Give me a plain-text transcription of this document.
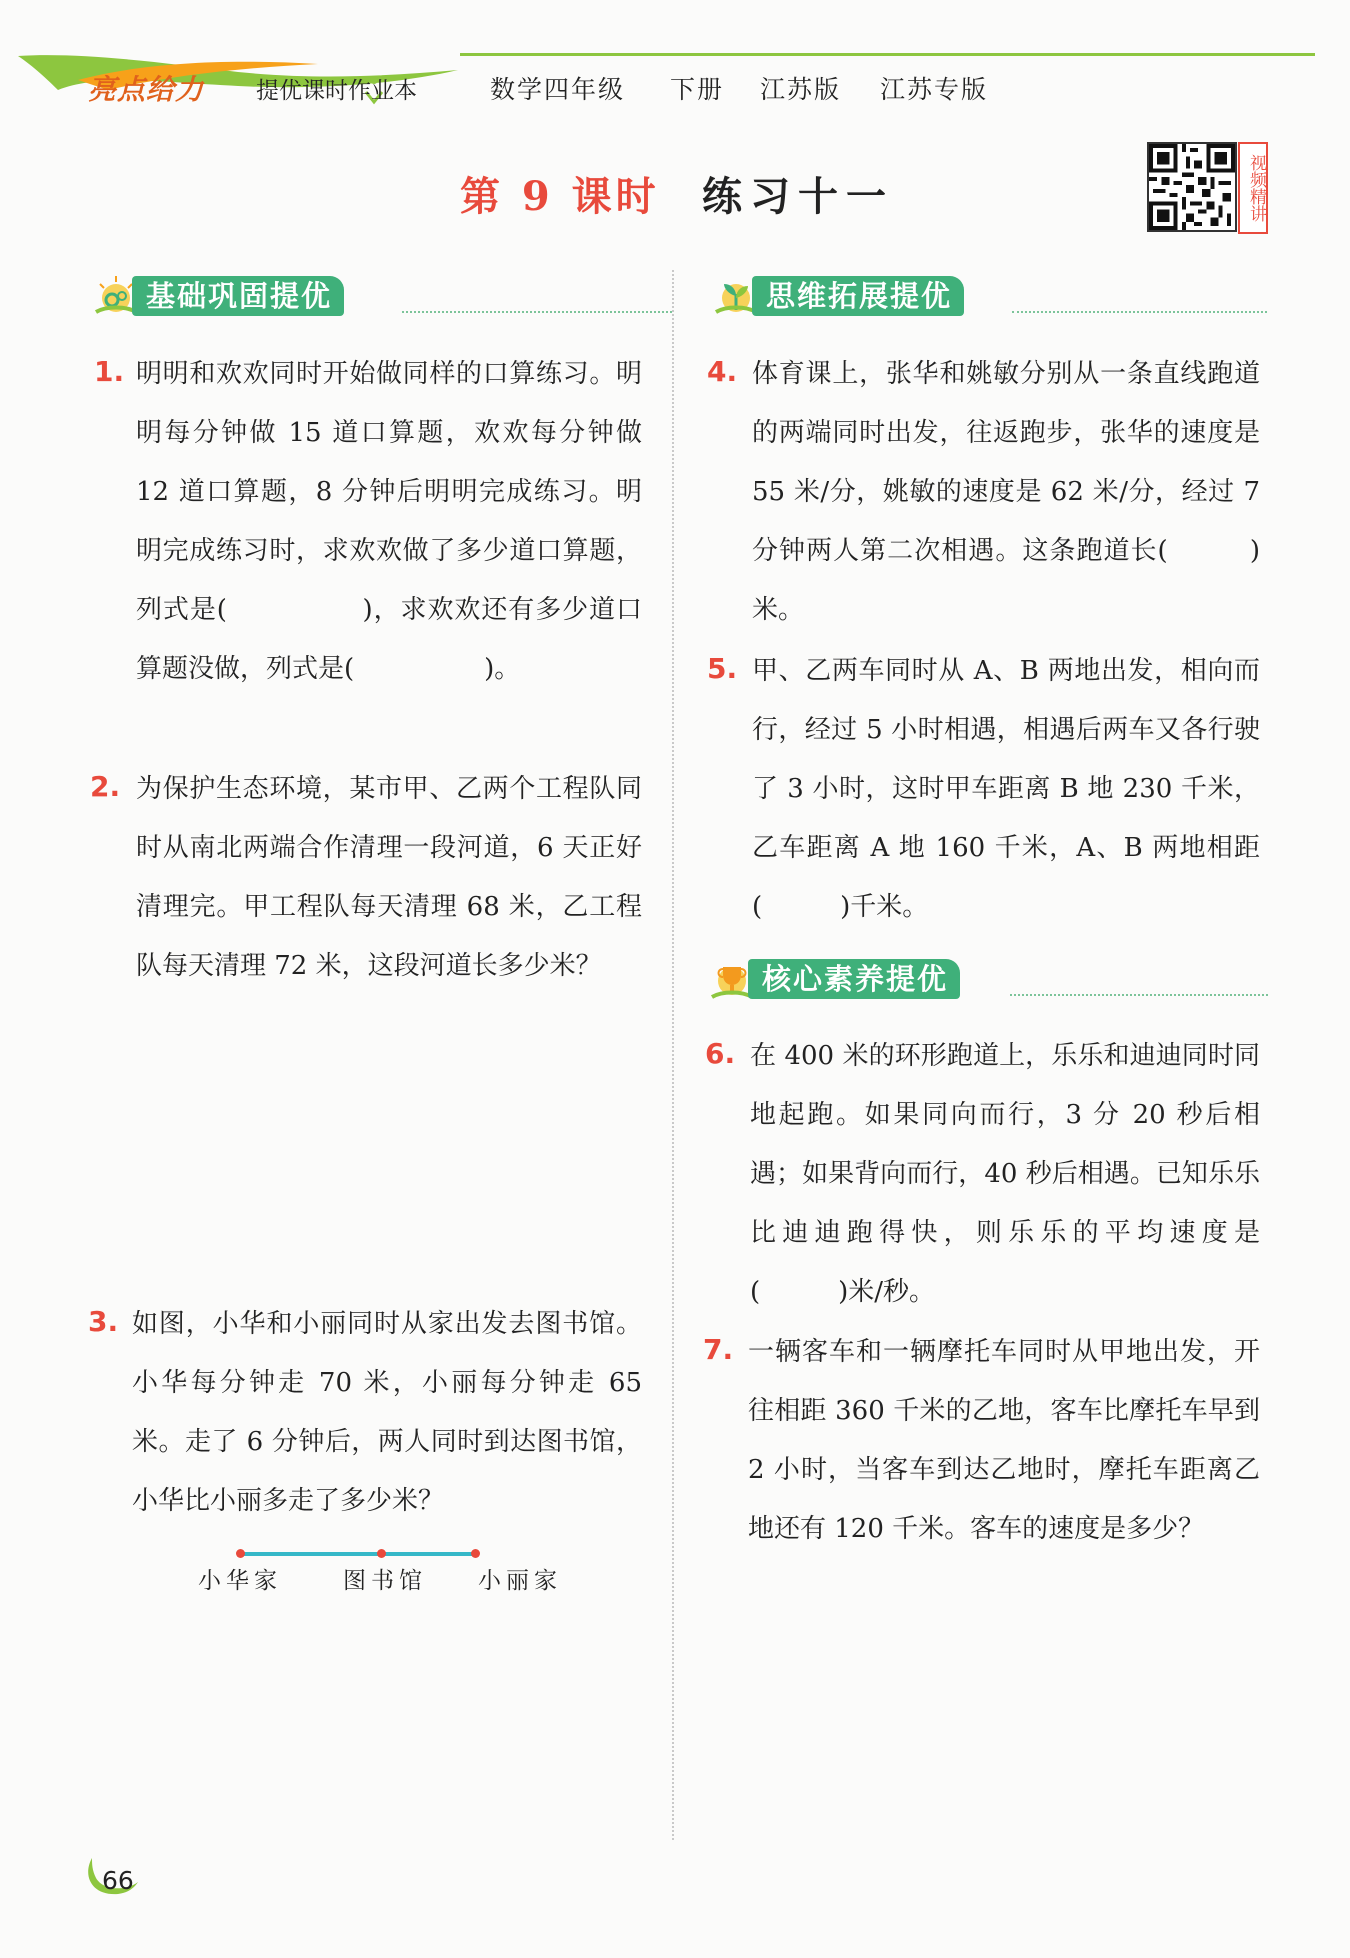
亮点给力 提优课时作业本	数学四年级 下册 江苏版 江苏专版
第 9 课时 练习十一	视频精讲
基础巩固提优	思维拓展提优
核心素养提优
1. 明明和欢欢同时开始做同样的口算练习。明明每分钟做 15 道口算题，欢欢每分钟做 12 道口算题，8 分钟后明明完成练习。明明完成练习时，求欢欢做了多少道口算题，列式是(　　　　　)，求欢欢还有多少道口算题没做，列式是(　　　　　)。
2. 为保护生态环境，某市甲、乙两个工程队同时从南北两端合作清理一段河道，6 天正好清理完。甲工程队每天清理 68 米，乙工程队每天清理 72 米，这段河道长多少米？
3. 如图，小华和小丽同时从家出发去图书馆。小华每分钟走 70 米，小丽每分钟走 65 米。走了 6 分钟后，两人同时到达图书馆，小华比小丽多走了多少米？
小华家	图书馆 小丽家
4. 体育课上，张华和姚敏分别从一条直线跑道的两端同时出发，往返跑步，张华的速度是 55 米/分，姚敏的速度是 62 米/分，经过 7 分钟两人第二次相遇。这条跑道长(　　　)米。
5. 甲、乙两车同时从 A、B 两地出发，相向而行，经过 5 小时相遇，相遇后两车又各行驶了 3 小时，这时甲车距离 B 地 230 千米，乙车距离 A 地 160 千米，A、B 两地相距(　　　)千米。
6. 在 400 米的环形跑道上，乐乐和迪迪同时同地起跑。如果同向而行，3 分 20 秒后相遇；如果背向而行，40 秒后相遇。已知乐乐比迪迪跑得快，则乐乐的平均速度是(　　　)米/秒。
7. 一辆客车和一辆摩托车同时从甲地出发，开往相距 360 千米的乙地，客车比摩托车早到 2 小时，当客车到达乙地时，摩托车距离乙地还有 120 千米。客车的速度是多少？
66
